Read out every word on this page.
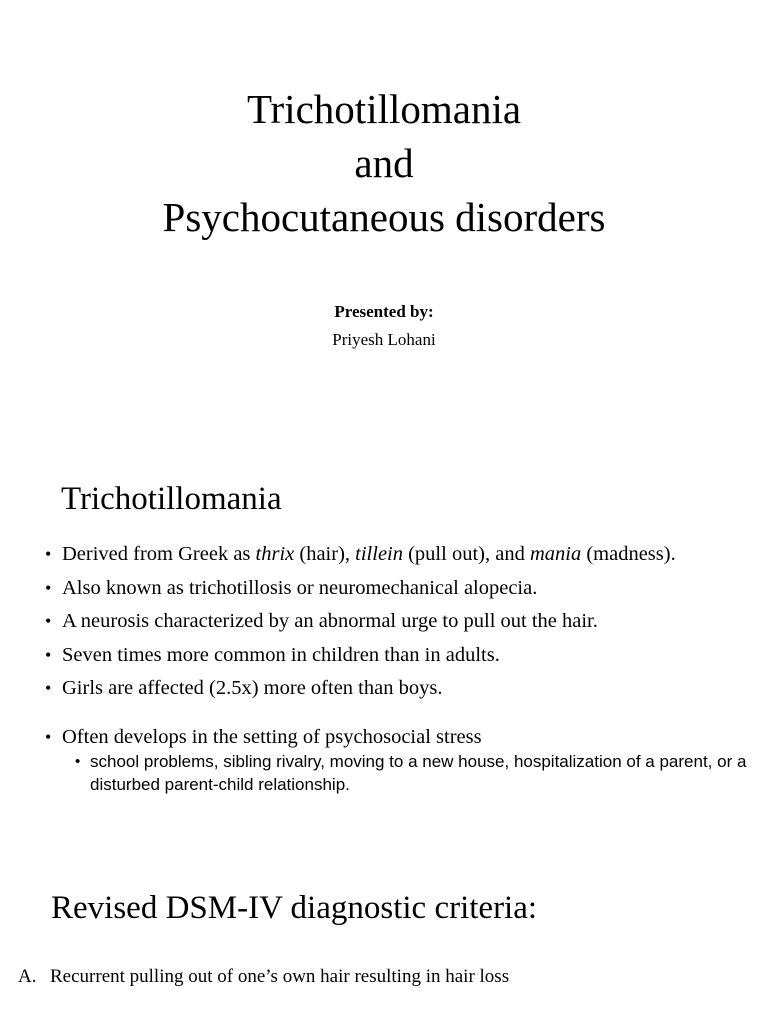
Trichotillomania
and
Psychocutaneous disorders
Presented by:
Priyesh Lohani
Trichotillomania
• Derived from Greek as thrix (hair), tillein (pull out), and mania (madness).
• Also known as trichotillosis or neuromechanical alopecia.
• A neurosis characterized by an abnormal urge to pull out the hair.
• Seven times more common in children than in adults.
• Girls are affected (2.5x) more often than boys.
• Often develops in the setting of psychosocial stress
• school problems, sibling rivalry, moving to a new house, hospitalization of a parent, or a disturbed parent-child relationship.
Revised DSM-IV diagnostic criteria:
A. Recurrent pulling out of one’s own hair resulting in hair loss
